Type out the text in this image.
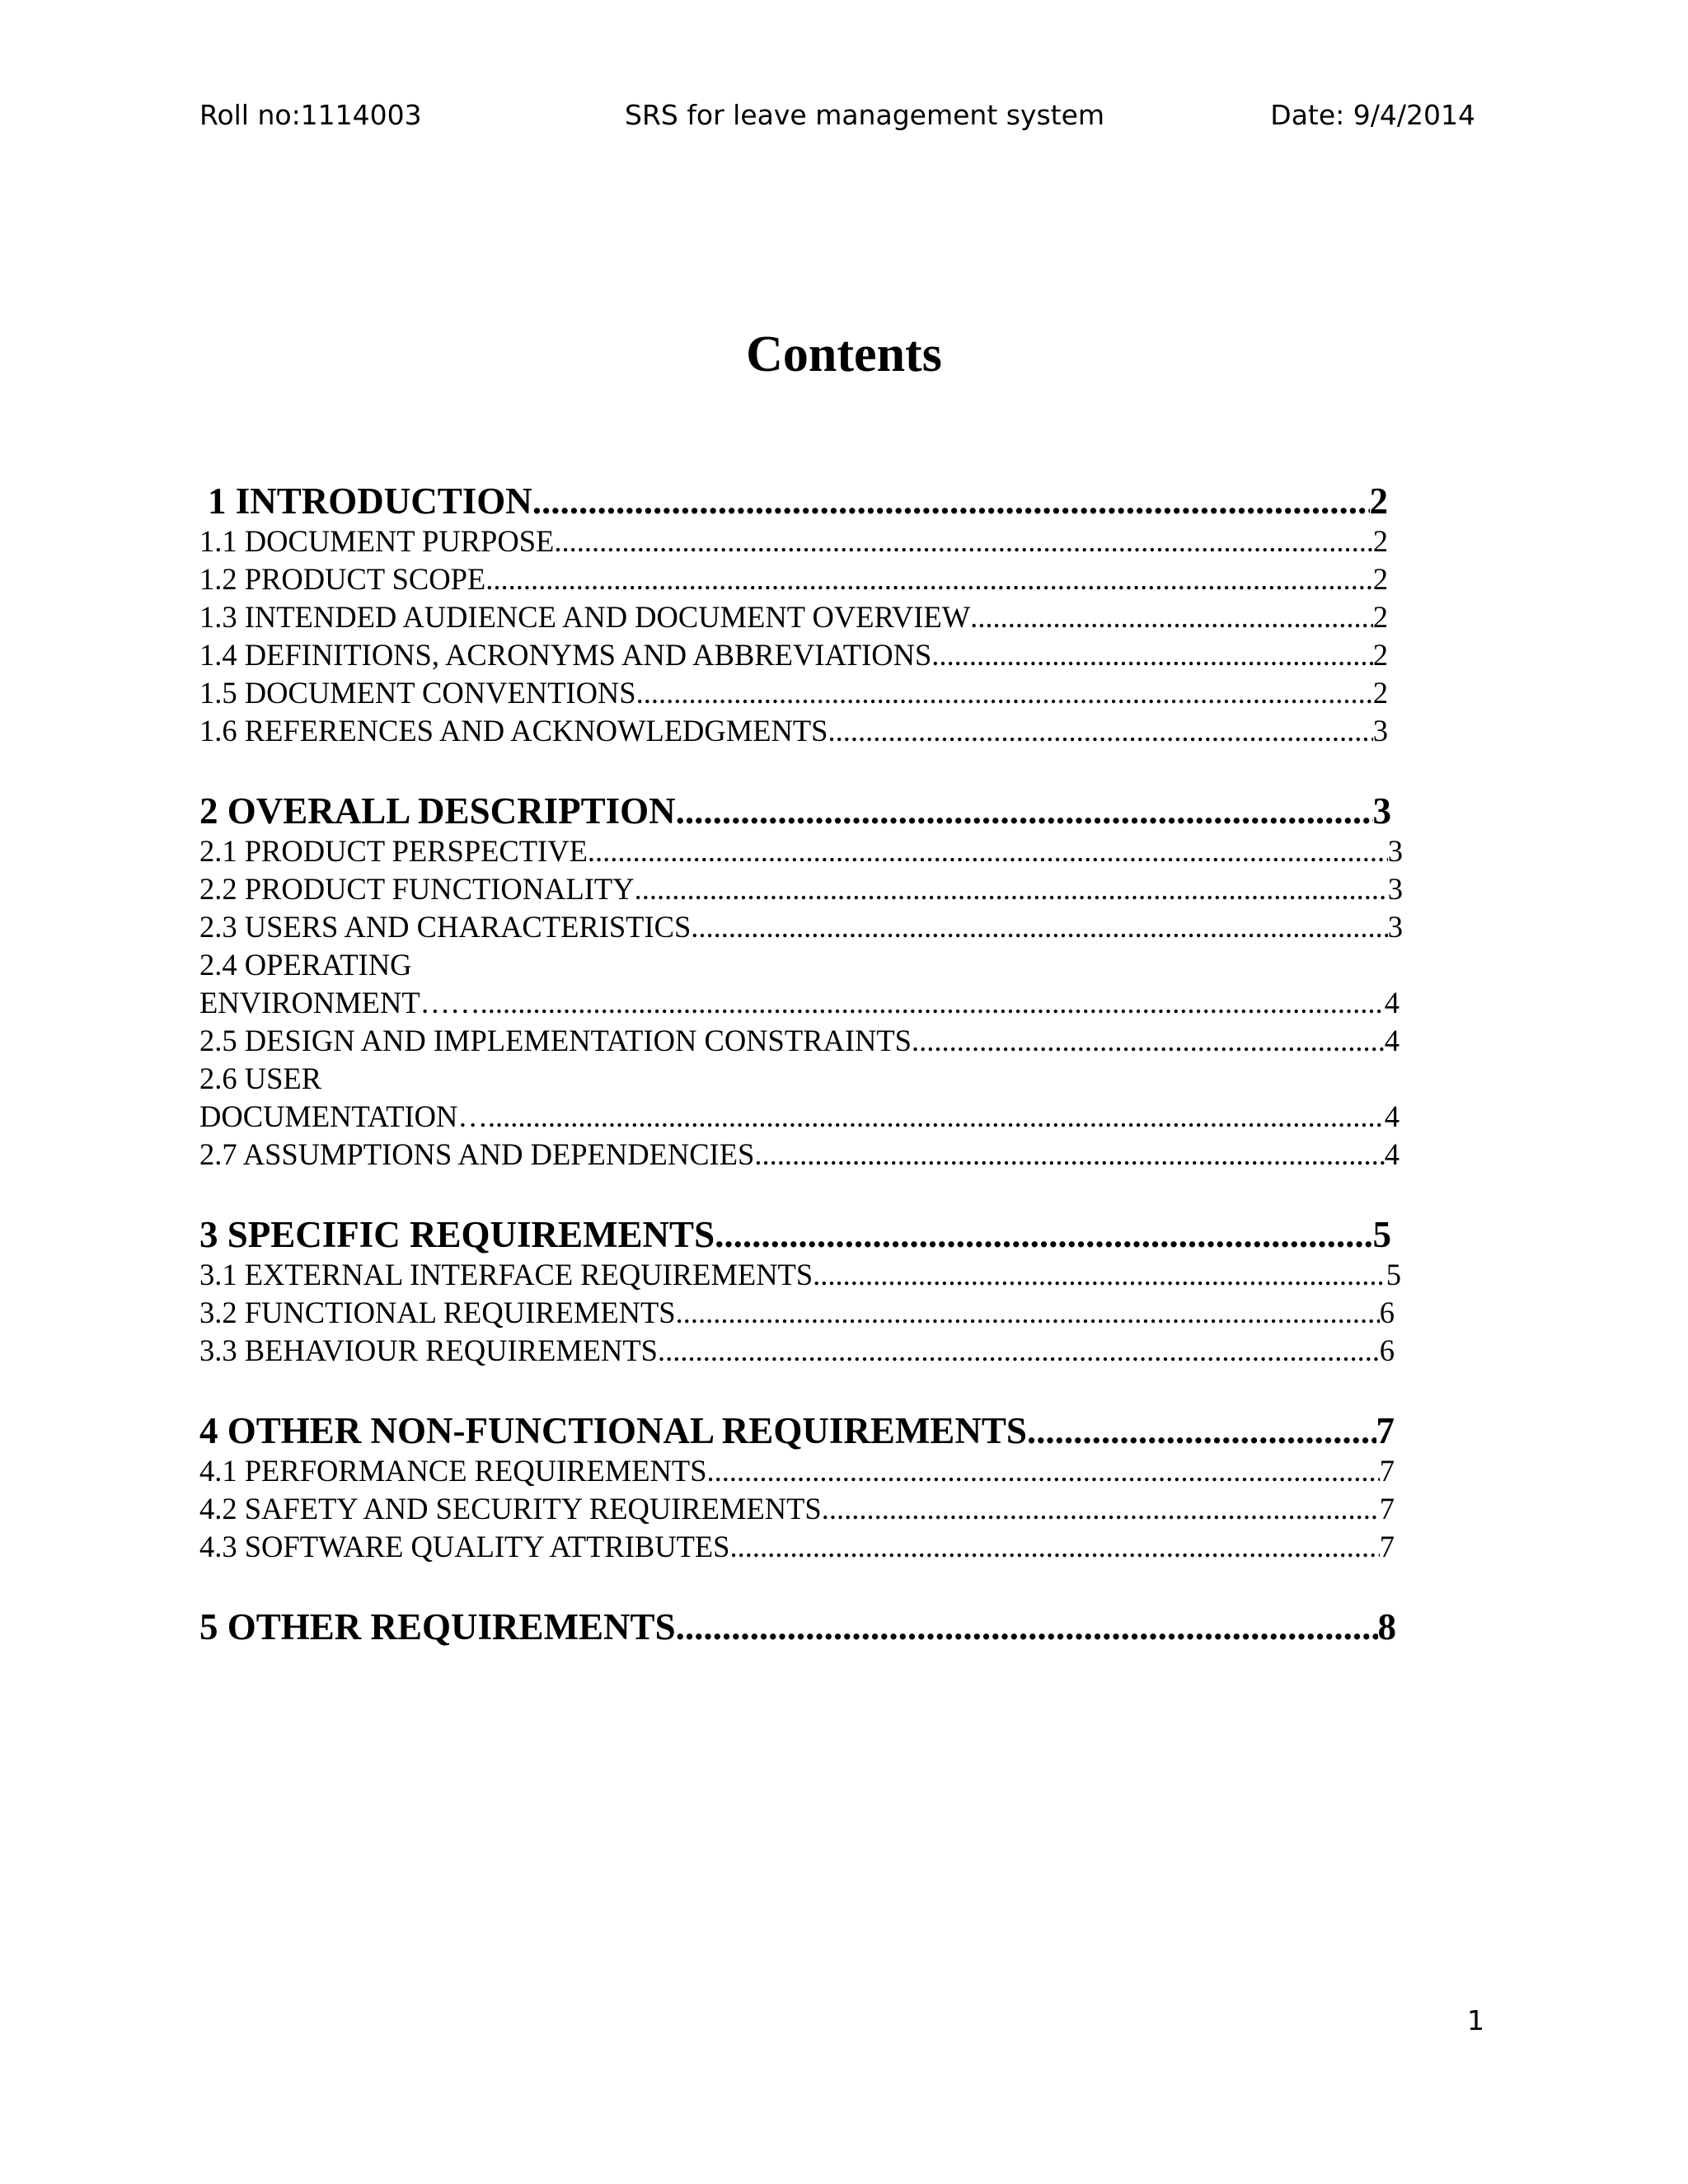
Roll no:1114003	SRS for leave management system	Date: 9/4/2014
Contents
1 INTRODUCTION .....	2
1.1 DOCUMENT PURPOSE .....	2
1.2 PRODUCT SCOPE .....	2
1.3 INTENDED AUDIENCE AND DOCUMENT OVERVIEW .....	2
1.4 DEFINITIONS, ACRONYMS AND ABBREVIATIONS .....	2
1.5 DOCUMENT CONVENTIONS .....	2
1.6 REFERENCES AND ACKNOWLEDGMENTS .....	3
2 OVERALL DESCRIPTION .....	3
2.1 PRODUCT PERSPECTIVE .....	3
2.2 PRODUCT FUNCTIONALITY .....	3
2.3 USERS AND CHARACTERISTICS .....	3
2.4 OPERATING
ENVIRONMENT…… .....	4
2.5 DESIGN AND IMPLEMENTATION CONSTRAINTS .....	4
2.6 USER
DOCUMENTATION… .....	4
2.7 ASSUMPTIONS AND DEPENDENCIES .....	4
3 SPECIFIC REQUIREMENTS .....	5
3.1 EXTERNAL INTERFACE REQUIREMENTS .....	5
3.2 FUNCTIONAL REQUIREMENTS .....	6
3.3 BEHAVIOUR REQUIREMENTS .....	6
4 OTHER NON-FUNCTIONAL REQUIREMENTS .....	7
4.1 PERFORMANCE REQUIREMENTS .....	7
4.2 SAFETY AND SECURITY REQUIREMENTS .....	7
4.3 SOFTWARE QUALITY ATTRIBUTES .....	7
5 OTHER REQUIREMENTS .....	8
1
